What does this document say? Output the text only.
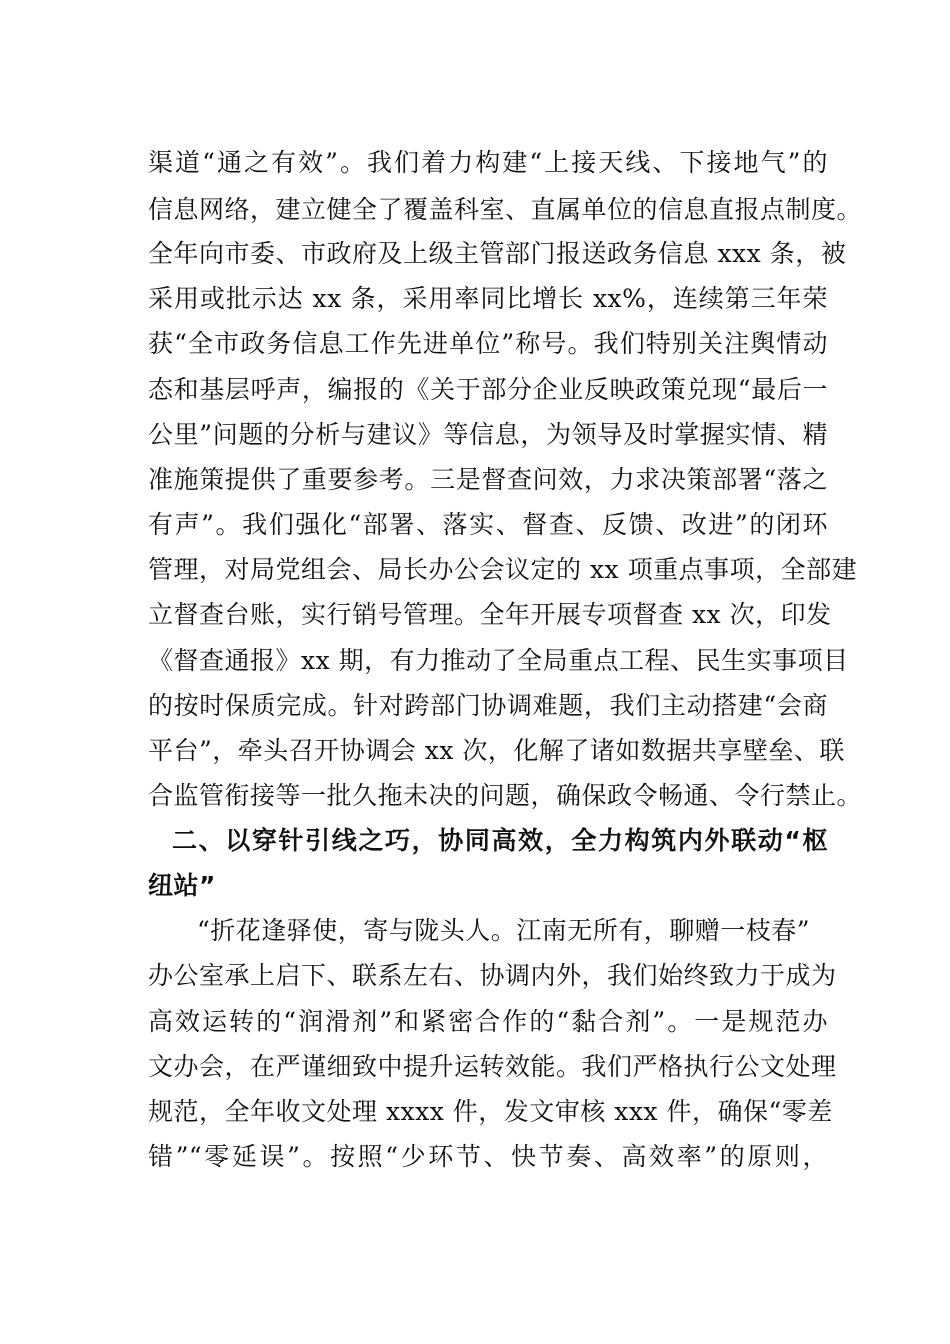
渠道“通之有效”。我们着力构建“上接天线、下接地气”的
信息网络，建立健全了覆盖科室、直属单位的信息直报点制度。
全年向市委、市政府及上级主管部门报送政务信息 xxx 条，被
采用或批示达 xx 条，采用率同比增长 xx%，连续第三年荣
获“全市政务信息工作先进单位”称号。我们特别关注舆情动
态和基层呼声，编报的《关于部分企业反映政策兑现“最后一
公里”问题的分析与建议》等信息，为领导及时掌握实情、精
准施策提供了重要参考。三是督查问效，力求决策部署“落之
有声”。我们强化“部署、落实、督查、反馈、改进”的闭环
管理，对局党组会、局长办公会议定的 xx 项重点事项，全部建
立督查台账，实行销号管理。全年开展专项督查 xx 次，印发
《督查通报》xx 期，有力推动了全局重点工程、民生实事项目
的按时保质完成。针对跨部门协调难题，我们主动搭建“会商
平台”，牵头召开协调会 xx 次，化解了诸如数据共享壁垒、联
合监管衔接等一批久拖未决的问题，确保政令畅通、令行禁止。
二、以穿针引线之巧，协同高效，全力构筑内外联动“枢
纽站”
“折花逢驿使，寄与陇头人。江南无所有，聊赠一枝春”
办公室承上启下、联系左右、协调内外，我们始终致力于成为
高效运转的“润滑剂”和紧密合作的“黏合剂”。一是规范办
文办会，在严谨细致中提升运转效能。我们严格执行公文处理
规范，全年收文处理 xxxx 件，发文审核 xxx 件，确保“零差
错”“零延误”。按照“少环节、快节奏、高效率”的原则，
